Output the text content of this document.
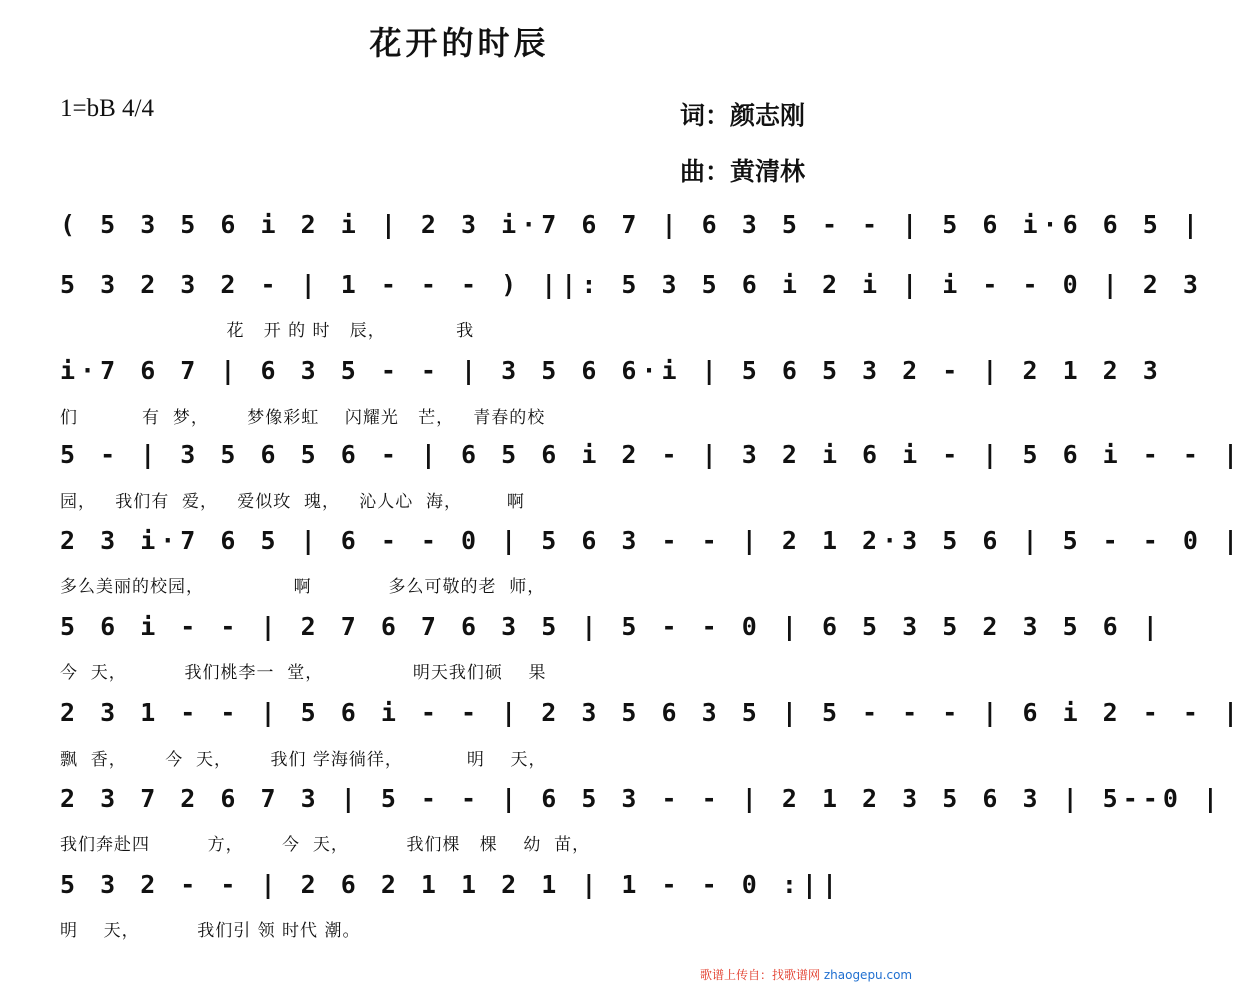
花开的时辰
1=bB 4/4	词：颜志刚
曲：黄清林
( 5 3 5 6 i 2 i | 2 3 i·7 6 7 | 6 3 5 - - | 5 6 i·6 6 5 |
5 3 2 3 2 - | 1 - - - ) ||: 5 3 5 6 i 2 i | i - - 0 | 2 3
花   开 的 时   辰，           我
i·7 6 7 | 6 3 5 - - | 3 5 6 6·i | 5 6 5 3 2 - | 2 1 2 3
们          有  梦，      梦像彩虹    闪耀光   芒，   青春的校
5 - | 3 5 6 5 6 - | 6 5 6 i 2 - | 3 2 i 6 i - | 5 6 i - - |
园，   我们有  爱，   爱似玫  瑰，   沁人心  海，       啊
2 3 i·7 6 5 | 6 - - 0 | 5 6 3 - - | 2 1 2·3 5 6 | 5 - - 0 |
多么美丽的校园，              啊            多么可敬的老  师，
5 6 i - - | 2 7 6 7 6 3 5 | 5 - - 0 | 6 5 3 5 2 3 5 6 |
今  天，         我们桃李一  堂，              明天我们硕    果
2 3 1 - - | 5 6 i - - | 2 3 5 6 3 5 | 5 - - - | 6 i 2 - - |
飘  香，      今  天，      我们 学海徜徉，          明    天，
2 3 7 2 6 7 3 | 5 - - | 6 5 3 - - | 2 1 2 3 5 6 3 | 5--0 |
我们奔赴四         方，      今  天，         我们棵   棵    幼  苗，
5 3 2 - - | 2 6 2 1 1 2 1 | 1 - - 0 :||
明    天，         我们引 领 时代 潮。
歌谱上传自：找歌谱网 zhaogepu.com
